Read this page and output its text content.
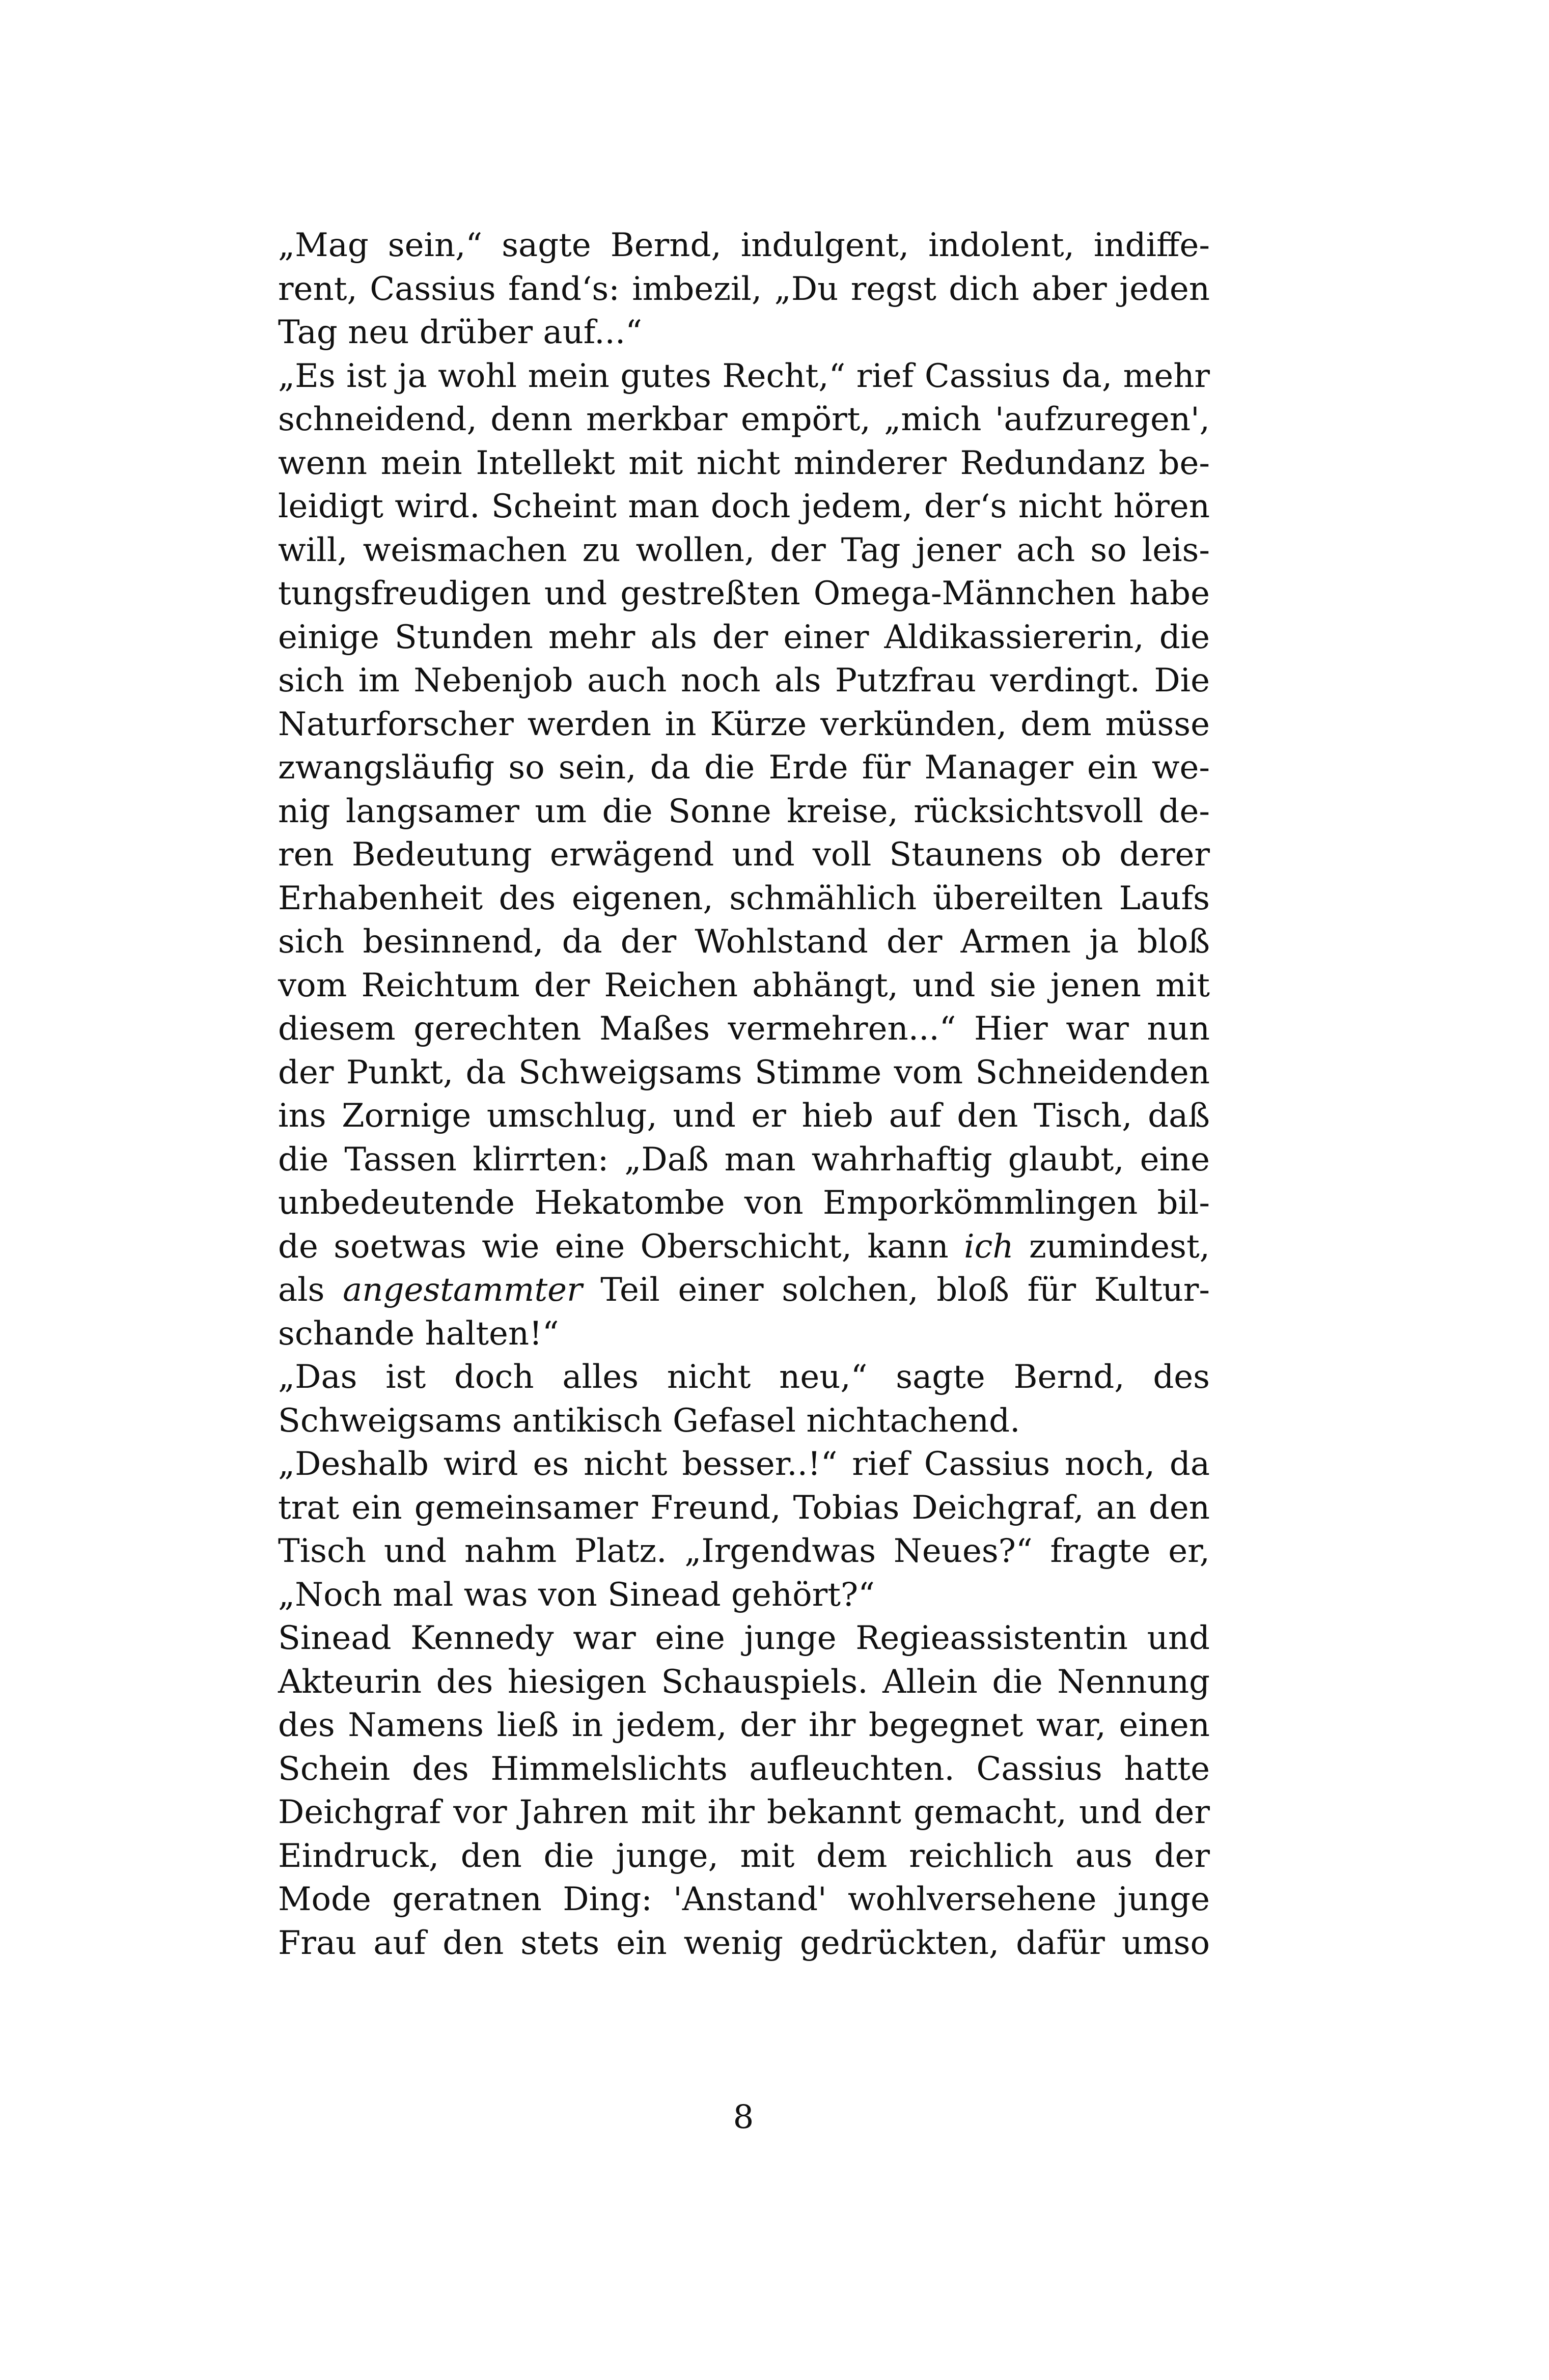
„Mag sein,“ sagte Bernd, indulgent, indolent, indiffe-
rent, Cassius fand‘s: imbezil, „Du regst dich aber jeden
Tag neu drüber auf...“
„Es ist ja wohl mein gutes Recht,“ rief Cassius da, mehr
schneidend, denn merkbar empört, „mich 'aufzuregen',
wenn mein Intellekt mit nicht minderer Redundanz be-
leidigt wird. Scheint man doch jedem, der‘s nicht hören
will, weismachen zu wollen, der Tag jener ach so leis-
tungsfreudigen und gestreßten Omega-Männchen habe
einige Stunden mehr als der einer Aldikassiererin, die
sich im Nebenjob auch noch als Putzfrau verdingt. Die
Naturforscher werden in Kürze verkünden, dem müsse
zwangsläufig so sein, da die Erde für Manager ein we-
nig langsamer um die Sonne kreise, rücksichtsvoll de-
ren Bedeutung erwägend und voll Staunens ob derer
Erhabenheit des eigenen, schmählich übereilten Laufs
sich besinnend, da der Wohlstand der Armen ja bloß
vom Reichtum der Reichen abhängt, und sie jenen mit
diesem gerechten Maßes vermehren...“ Hier war nun
der Punkt, da Schweigsams Stimme vom Schneidenden
ins Zornige umschlug, und er hieb auf den Tisch, daß
die Tassen klirrten: „Daß man wahrhaftig glaubt, eine
unbedeutende Hekatombe von Emporkömmlingen bil-
de soetwas wie eine Oberschicht, kann ich zumindest,
als angestammter Teil einer solchen, bloß für Kultur-
schande halten!“
„Das ist doch alles nicht neu,“ sagte Bernd, des
Schweigsams antikisch Gefasel nichtachend.
„Deshalb wird es nicht besser..!“ rief Cassius noch, da
trat ein gemeinsamer Freund, Tobias Deichgraf, an den
Tisch und nahm Platz. „Irgendwas Neues?“ fragte er,
„Noch mal was von Sinead gehört?“
Sinead Kennedy war eine junge Regieassistentin und
Akteurin des hiesigen Schauspiels. Allein die Nennung
des Namens ließ in jedem, der ihr begegnet war, einen
Schein des Himmelslichts aufleuchten. Cassius hatte
Deichgraf vor Jahren mit ihr bekannt gemacht, und der
Eindruck, den die junge, mit dem reichlich aus der
Mode geratnen Ding: 'Anstand' wohlversehene junge
Frau auf den stets ein wenig gedrückten, dafür umso
8
